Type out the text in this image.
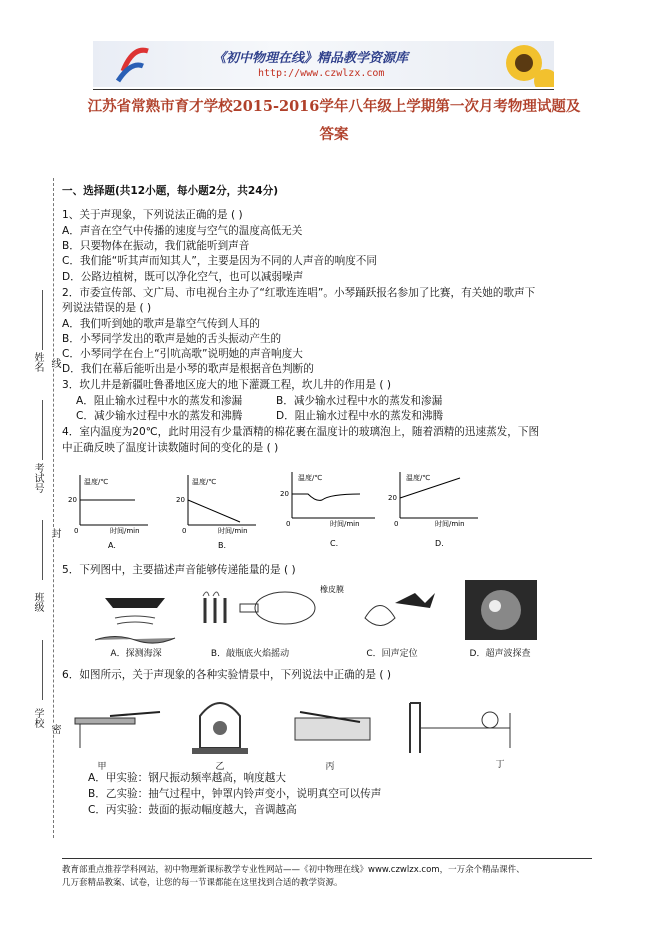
《初中物理在线》精品教学资源库
http://www.czwlzx.com
江苏省常熟市育才学校2015-2016学年八年级上学期第一次月考物理试题及
答案
姓名
考试号
班级
学校
线
封
密
一、选择题(共12小题，每小题2分，共24分)
1、关于声现象，下列说法正确的是 ( )
A．声音在空气中传播的速度与空气的温度高低无关
B．只要物体在振动，我们就能听到声音
C．我们能“听其声而知其人”，主要是因为不同的人声音的响度不同
D．公路边植树，既可以净化空气，也可以减弱噪声
2．市委宣传部、文广局、市电视台主办了“红歌连连唱”。小琴踊跃报名参加了比赛，有关她的歌声下
列说法错误的是 ( )
A．我们听到她的歌声是靠空气传到人耳的
B．小琴同学发出的歌声是她的舌头振动产生的
C．小琴同学在台上“引吭高歌”说明她的声音响度大
D．我们在幕后能听出是小琴的歌声是根据音色判断的
3．坎儿井是新疆吐鲁番地区庞大的地下灌溉工程，坎儿井的作用是 ( )
A．阻止输水过程中水的蒸发和渗漏	B．减少输水过程中水的蒸发和渗漏
C．减少输水过程中水的蒸发和沸腾	D．阻止输水过程中水的蒸发和沸腾
4．室内温度为20℃，此时用浸有少量酒精的棉花裹在温度计的玻璃泡上，随着酒精的迅速蒸发，下图
中正确反映了温度计读数随时间的变化的是 ( )
温度/℃
20
0	时间/min
A.
温度/℃
20
0	时间/min
B.
温度/℃
20
0	时间/min
C.
温度/℃
20
0	时间/min
D.
5．下列图中，主要描述声音能够传递能量的是 ( )
橡皮膜
A．探测海深	B．敲瓶底火焰摇动	C．回声定位	D．超声波探查
6．如图所示，关于声现象的各种实验情景中，下列说法中正确的是 ( )
甲	乙	丙	丁
A．甲实验：钢尺振动频率越高，响度越大
B．乙实验：抽气过程中，钟罩内铃声变小，说明真空可以传声
C．丙实验：鼓面的振动幅度越大，音调越高
教育部重点推荐学科网站，初中物理新课标教学专业性网站——《初中物理在线》www.czwlzx.com，一万余个精品课件、
几万套精品教案、试卷，让您的每一节课都能在这里找到合适的教学资源。
